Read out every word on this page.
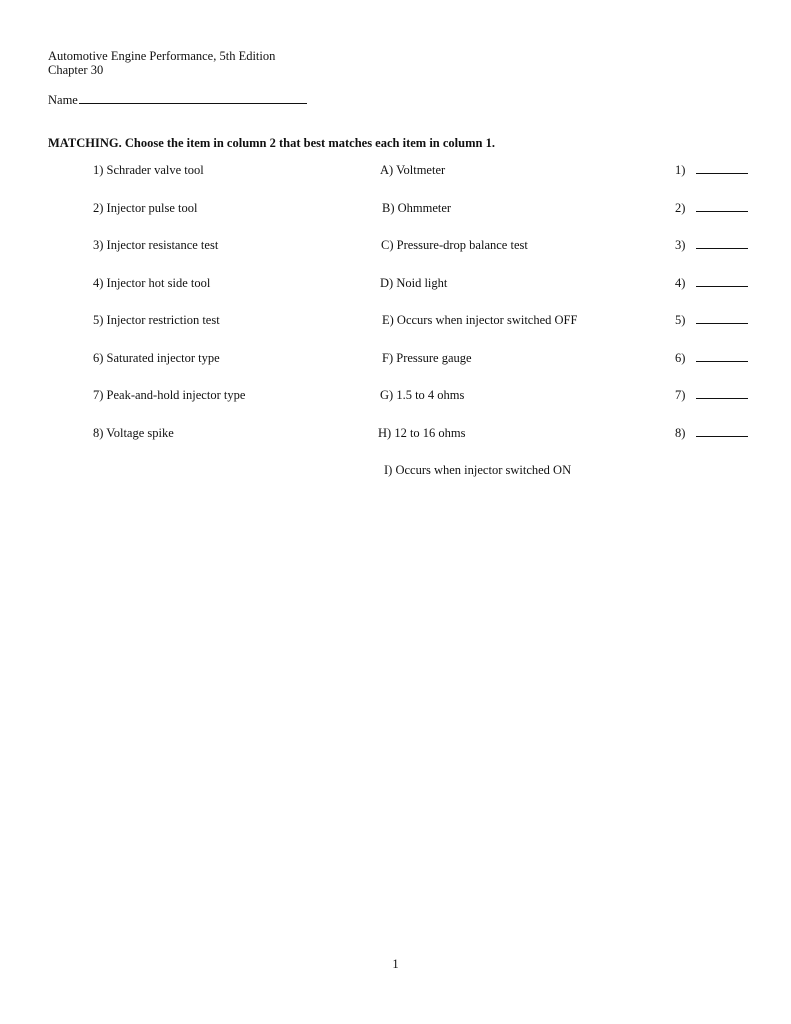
Automotive Engine Performance, 5th Edition
Chapter 30
Name
MATCHING. Choose the item in column 2 that best matches each item in column 1.
1) Schrader valve tool
2) Injector pulse tool
3) Injector resistance test
4) Injector hot side tool
5) Injector restriction test
6) Saturated injector type
7) Peak-and-hold injector type
8) Voltage spike
A) Voltmeter
B) Ohmmeter
C) Pressure-drop balance test
D) Noid light
E) Occurs when injector switched OFF
F) Pressure gauge
G) 1.5 to 4 ohms
H) 12 to 16 ohms
I) Occurs when injector switched ON
1)
2)
3)
4)
5)
6)
7)
8)
1
